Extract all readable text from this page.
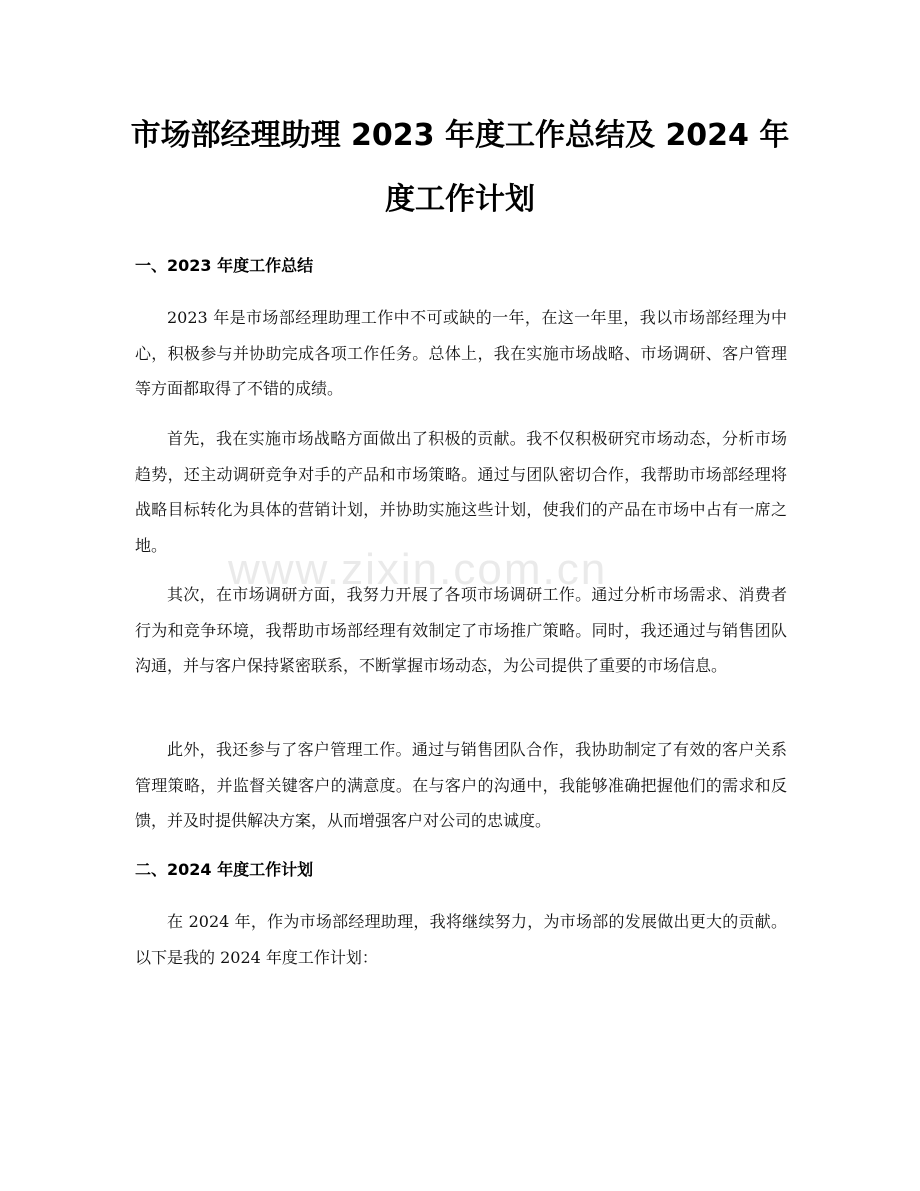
市场部经理助理 2023 年度工作总结及 2024 年度工作计划
一、2023 年度工作总结

2023 年是市场部经理助理工作中不可或缺的一年，在这一年里，我以市场部经理为中心，积极参与并协助完成各项工作任务。总体上，我在实施市场战略、市场调研、客户管理等方面都取得了不错的成绩。

首先，我在实施市场战略方面做出了积极的贡献。我不仅积极研究市场动态，分析市场趋势，还主动调研竞争对手的产品和市场策略。通过与团队密切合作，我帮助市场部经理将战略目标转化为具体的营销计划，并协助实施这些计划，使我们的产品在市场中占有一席之地。

其次，在市场调研方面，我努力开展了各项市场调研工作。通过分析市场需求、消费者行为和竞争环境，我帮助市场部经理有效制定了市场推广策略。同时，我还通过与销售团队沟通，并与客户保持紧密联系，不断掌握市场动态，为公司提供了重要的市场信息。

此外，我还参与了客户管理工作。通过与销售团队合作，我协助制定了有效的客户关系管理策略，并监督关键客户的满意度。在与客户的沟通中，我能够准确把握他们的需求和反馈，并及时提供解决方案，从而增强客户对公司的忠诚度。

二、2024 年度工作计划

在 2024 年，作为市场部经理助理，我将继续努力，为市场部的发展做出更大的贡献。以下是我的 2024 年度工作计划：

www.zixin.com.cn
